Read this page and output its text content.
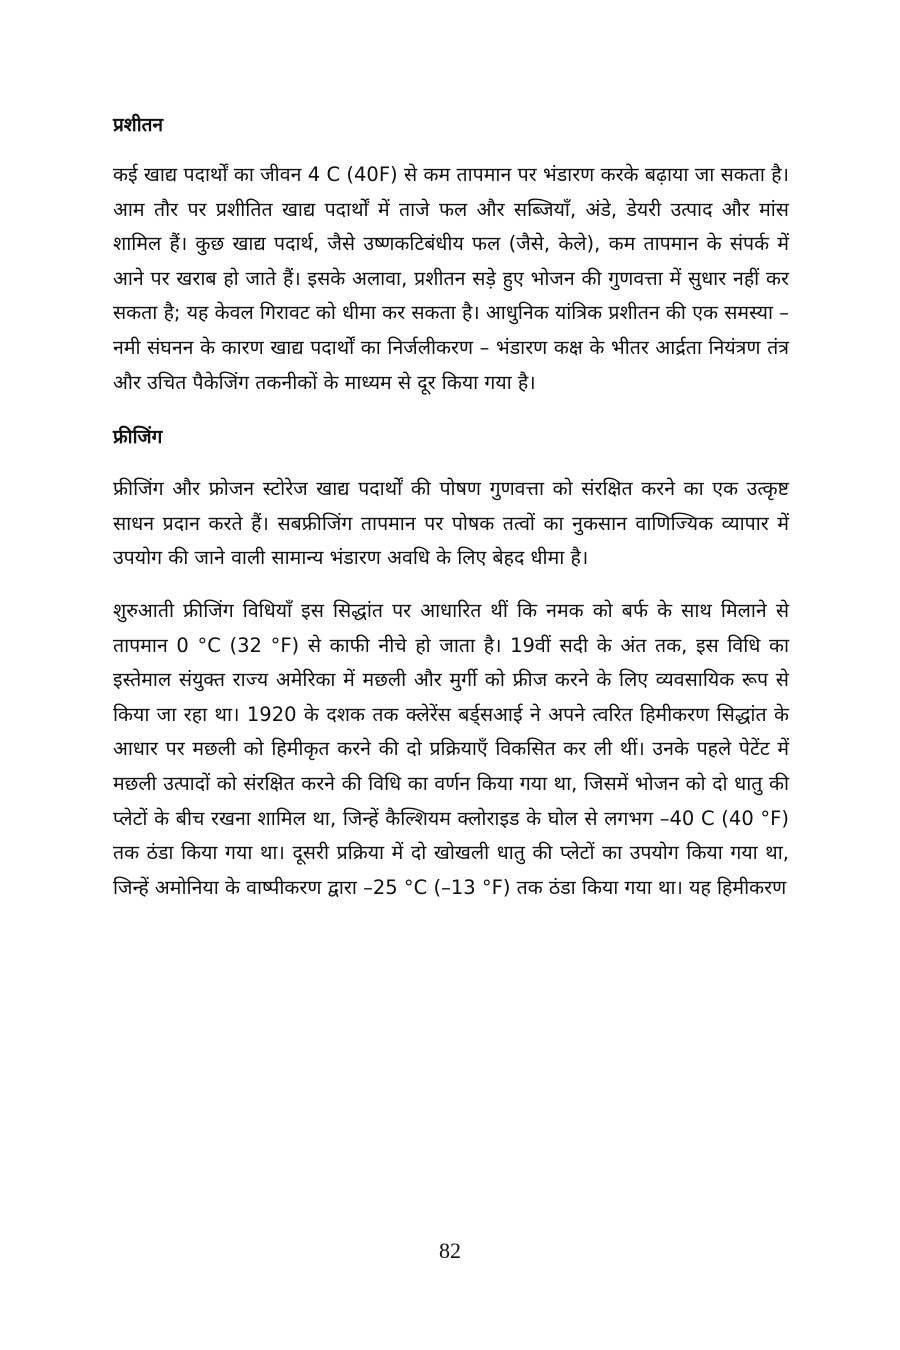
प्रशीतन

कई खाद्य पदार्थों का जीवन 4 C (40F) से कम तापमान पर भंडारण करके बढ़ाया जा सकता है। आम तौर पर प्रशीतित खाद्य पदार्थों में ताजे फल और सब्जियाँ, अंडे, डेयरी उत्पाद और मांस शामिल हैं। कुछ खाद्य पदार्थ, जैसे उष्णकटिबंधीय फल (जैसे, केले), कम तापमान के संपर्क में आने पर खराब हो जाते हैं। इसके अलावा, प्रशीतन सड़े हुए भोजन की गुणवत्ता में सुधार नहीं कर सकता है; यह केवल गिरावट को धीमा कर सकता है। आधुनिक यांत्रिक प्रशीतन की एक समस्या – नमी संघनन के कारण खाद्य पदार्थों का निर्जलीकरण – भंडारण कक्ष के भीतर आर्द्रता नियंत्रण तंत्र और उचित पैकेजिंग तकनीकों के माध्यम से दूर किया गया है।

फ्रीजिंग

फ्रीजिंग और फ्रोजन स्टोरेज खाद्य पदार्थों की पोषण गुणवत्ता को संरक्षित करने का एक उत्कृष्ट साधन प्रदान करते हैं। सबफ्रीजिंग तापमान पर पोषक तत्वों का नुकसान वाणिज्यिक व्यापार में उपयोग की जाने वाली सामान्य भंडारण अवधि के लिए बेहद धीमा है।

शुरुआती फ्रीजिंग विधियाँ इस सिद्धांत पर आधारित थीं कि नमक को बर्फ के साथ मिलाने से तापमान 0 °C (32 °F) से काफी नीचे हो जाता है। 19वीं सदी के अंत तक, इस विधि का इस्तेमाल संयुक्त राज्य अमेरिका में मछली और मुर्गी को फ्रीज करने के लिए व्यवसायिक रूप से किया जा रहा था। 1920 के दशक तक क्लेरेंस बर्ड्सआई ने अपने त्वरित हिमीकरण सिद्धांत के आधार पर मछली को हिमीकृत करने की दो प्रक्रियाएँ विकसित कर ली थीं। उनके पहले पेटेंट में मछली उत्पादों को संरक्षित करने की विधि का वर्णन किया गया था, जिसमें भोजन को दो धातु की प्लेटों के बीच रखना शामिल था, जिन्हें कैल्शियम क्लोराइड के घोल से लगभग –40 C (40 °F) तक ठंडा किया गया था। दूसरी प्रक्रिया में दो खोखली धातु की प्लेटों का उपयोग किया गया था, जिन्हें अमोनिया के वाष्पीकरण द्वारा –25 °C (–13 °F) तक ठंडा किया गया था। यह हिमीकरण

82
